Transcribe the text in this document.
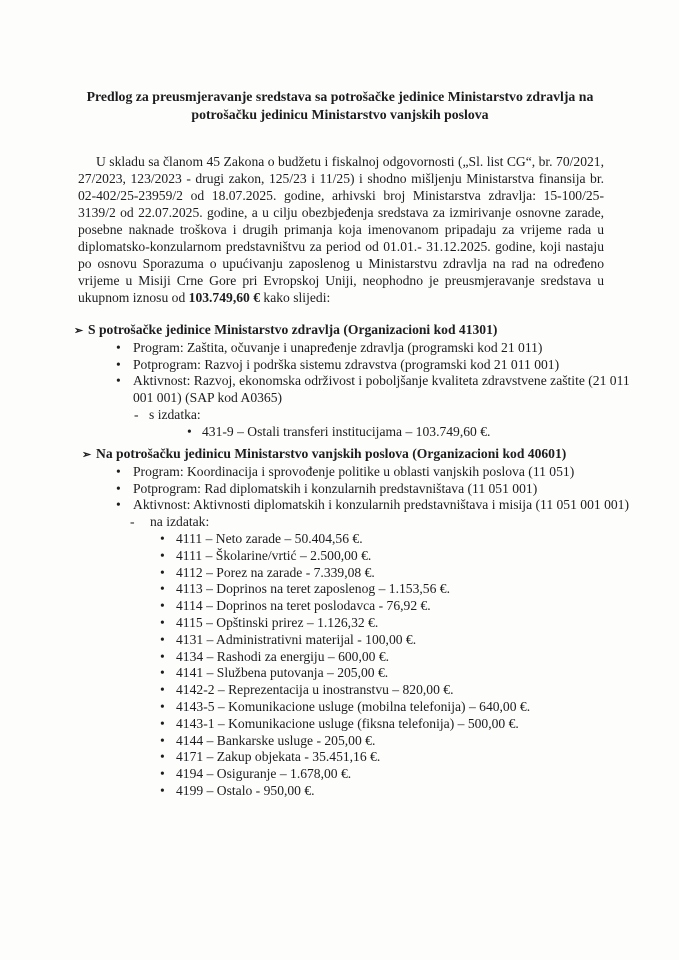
Predlog za preusmjeravanje sredstava sa potrošačke jedinice Ministarstvo zdravlja na
potrošačku jedinicu Ministarstvo vanjskih poslova
U skladu sa članom 45 Zakona o budžetu i fiskalnoj odgovornosti („Sl. list CG“, br. 70/2021, 27/2023, 123/2023 - drugi zakon, 125/23 i 11/25) i shodno mišljenju Ministarstva finansija br. 02-402/25-23959/2 od 18.07.2025. godine, arhivski broj Ministarstva zdravlja: 15-100/25-3139/2 od 22.07.2025. godine, a u cilju obezbjeđenja sredstava za izmirivanje osnovne zarade, posebne naknade troškova i drugih primanja koja imenovanom pripadaju za vrijeme rada u diplomatsko-konzularnom predstavništvu za period od 01.01.- 31.12.2025. godine, koji nastaju po osnovu Sporazuma o upućivanju zaposlenog u Ministarstvu zdravlja na rad na određeno vrijeme u Misiji Crne Gore pri Evropskoj Uniji, neophodno je preusmjeravanje sredstava u ukupnom iznosu od 103.749,60 € kako slijedi:
➢ S potrošačke jedinice Ministarstvo zdravlja (Organizacioni kod 41301)
• Program: Zaštita, očuvanje i unapređenje zdravlja (programski kod 21 011)
• Potprogram: Razvoj i podrška sistemu zdravstva (programski kod 21 011 001)
• Aktivnost: Razvoj, ekonomska održivost i poboljšanje kvaliteta zdravstvene zaštite (21 011 001 001) (SAP kod A0365)
- s izdatka:
• 431-9 – Ostali transferi institucijama – 103.749,60 €.
➢ Na potrošačku jedinicu Ministarstvo vanjskih poslova (Organizacioni kod 40601)
• Program: Koordinacija i sprovođenje politike u oblasti vanjskih poslova (11 051)
• Potprogram: Rad diplomatskih i konzularnih predstavništava (11 051 001)
• Aktivnost: Aktivnosti diplomatskih i konzularnih predstavništava i misija (11 051 001 001)
- na izdatak:
• 4111 – Neto zarade – 50.404,56 €.
• 4111 – Školarine/vrtić – 2.500,00 €.
• 4112 – Porez na zarade - 7.339,08 €.
• 4113 – Doprinos na teret zaposlenog – 1.153,56 €.
• 4114 – Doprinos na teret poslodavca - 76,92 €.
• 4115 – Opštinski prirez – 1.126,32 €.
• 4131 – Administrativni materijal - 100,00 €.
• 4134 – Rashodi za energiju – 600,00 €.
• 4141 – Službena putovanja – 205,00 €.
• 4142-2 – Reprezentacija u inostranstvu – 820,00 €.
• 4143-5 – Komunikacione usluge (mobilna telefonija) – 640,00 €.
• 4143-1 – Komunikacione usluge (fiksna telefonija) – 500,00 €.
• 4144 – Bankarske usluge - 205,00 €.
• 4171 – Zakup objekata - 35.451,16 €.
• 4194 – Osiguranje – 1.678,00 €.
• 4199 – Ostalo - 950,00 €.
